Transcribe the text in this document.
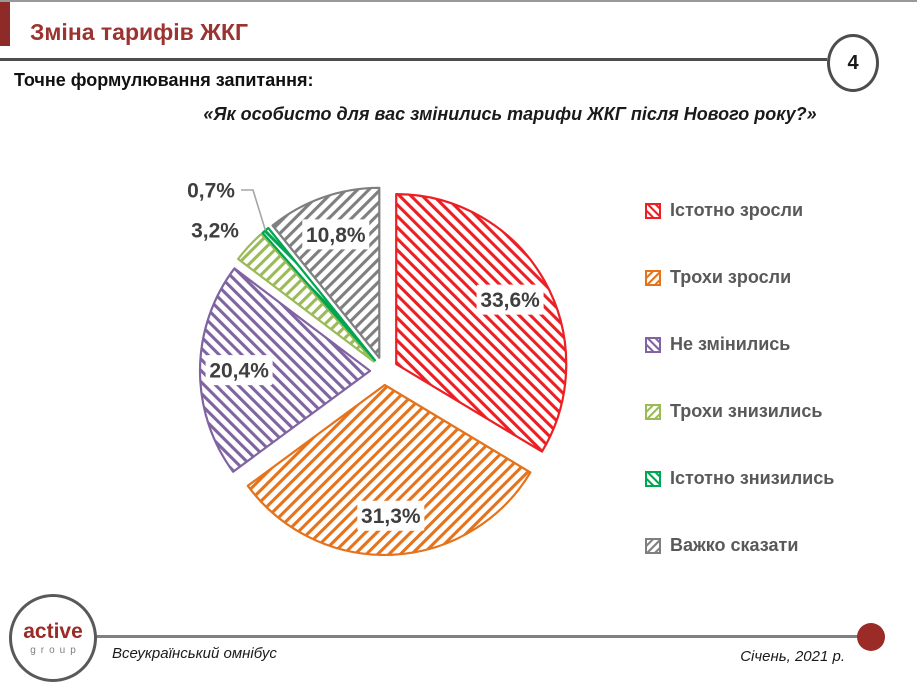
Зміна тарифів ЖКГ
4
Точне формулювання запитання:
«Як особисто для вас змінились тарифи ЖКГ після Нового року?»
33,6%
31,3%
20,4%
3,2%
0,7%
10,8%
Істотно зросли
Трохи зросли
Не змінились
Трохи знизились
Істотно знизились
Важко сказати
active
group Всеукраїнський омнібус	Січень, 2021 р.
